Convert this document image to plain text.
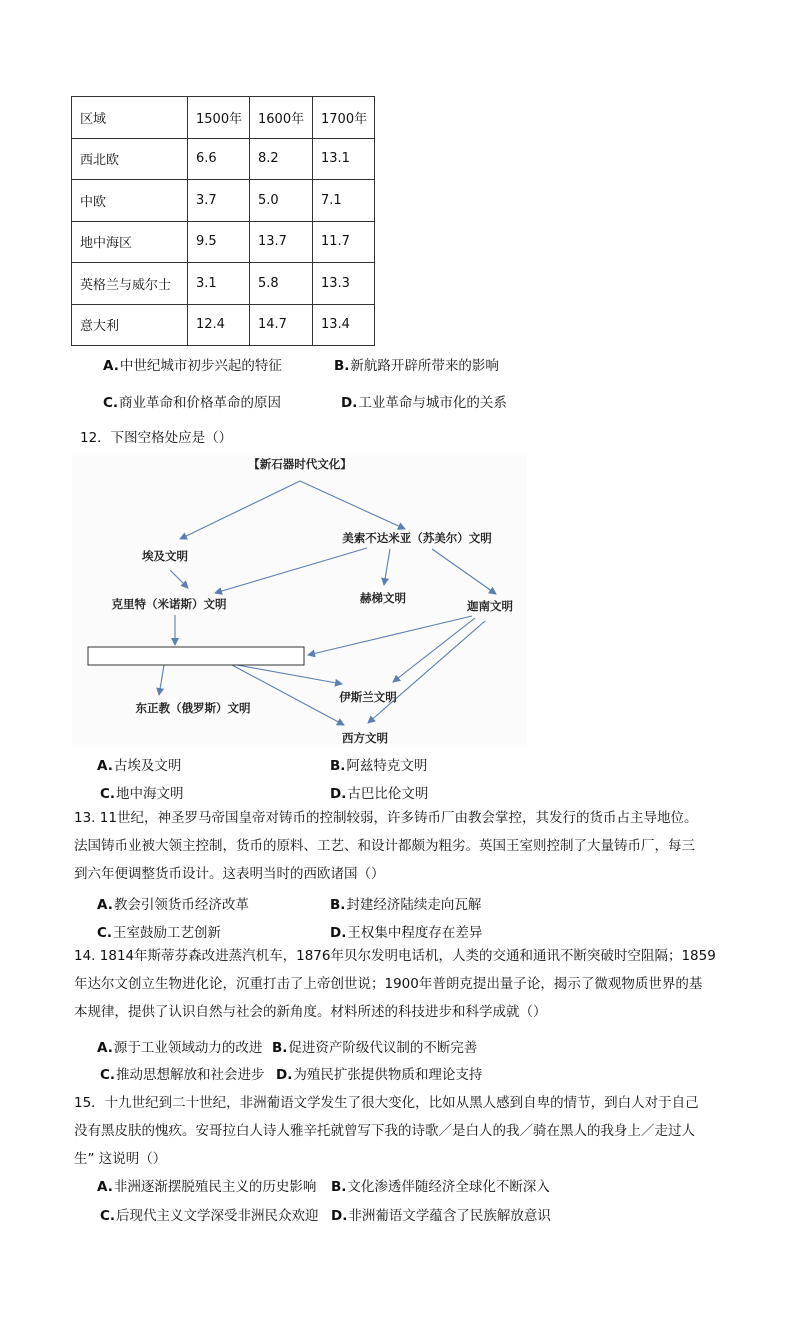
区域	1500年	1600年	1700年
西北欧	6.6	8.2	13.1
中欧	3.7	5.0	7.1
地中海区	9.5	13.7	11.7
英格兰与威尔士	3.1	5.8	13.3
意大利	12.4	14.7	13.4
A.中世纪城市初步兴起的特征	B.新航路开辟所带来的影响
C.商业革命和价格革命的原因	D.工业革命与城市化的关系
12．下图空格处应是（）
【新石器时代文化】
埃及文明
美索不达米亚（苏美尔）文明
克里特（米诺斯）文明	赫梯文明
迦南文明
伊斯兰文明
东正教（俄罗斯）文明
西方文明
A.古埃及文明	B.阿兹特克文明
C.地中海文明	D.古巴比伦文明
13. 11世纪，神圣罗马帝国皇帝对铸币的控制较弱，许多铸币厂由教会掌控，其发行的货币占主导地位。
法国铸币业被大领主控制，货币的原料、工艺、和设计都颇为粗劣。英国王室则控制了大量铸币厂，每三
到六年便调整货币设计。这表明当时的西欧诸国（）
A.教会引领货币经济改革	B.封建经济陆续走向瓦解
C.王室鼓励工艺创新	D.王权集中程度存在差异
14. 1814年斯蒂芬森改进蒸汽机车，1876年贝尔发明电话机，人类的交通和通讯不断突破时空阻隔；1859
年达尔文创立生物进化论，沉重打击了上帝创世说；1900年普朗克提出量子论，揭示了微观物质世界的基
本规律，提供了认识自然与社会的新角度。材料所述的科技进步和科学成就（）
A.源于工业领域动力的改进 B.促进资产阶级代议制的不断完善
C.推动思想解放和社会进步 D.为殖民扩张提供物质和理论支持
15．十九世纪到二十世纪，非洲葡语文学发生了很大变化，比如从黑人感到自卑的情节，到白人对于自己
没有黑皮肤的愧疚。安哥拉白人诗人雅辛托就曾写下我的诗歌／是白人的我／骑在黑人的我身上／走过人
生” 这说明（）
A.非洲逐渐摆脱殖民主义的历史影响 B.文化渗透伴随经济全球化不断深入
C.后现代主义文学深受非洲民众欢迎 D.非洲葡语文学蕴含了民族解放意识
